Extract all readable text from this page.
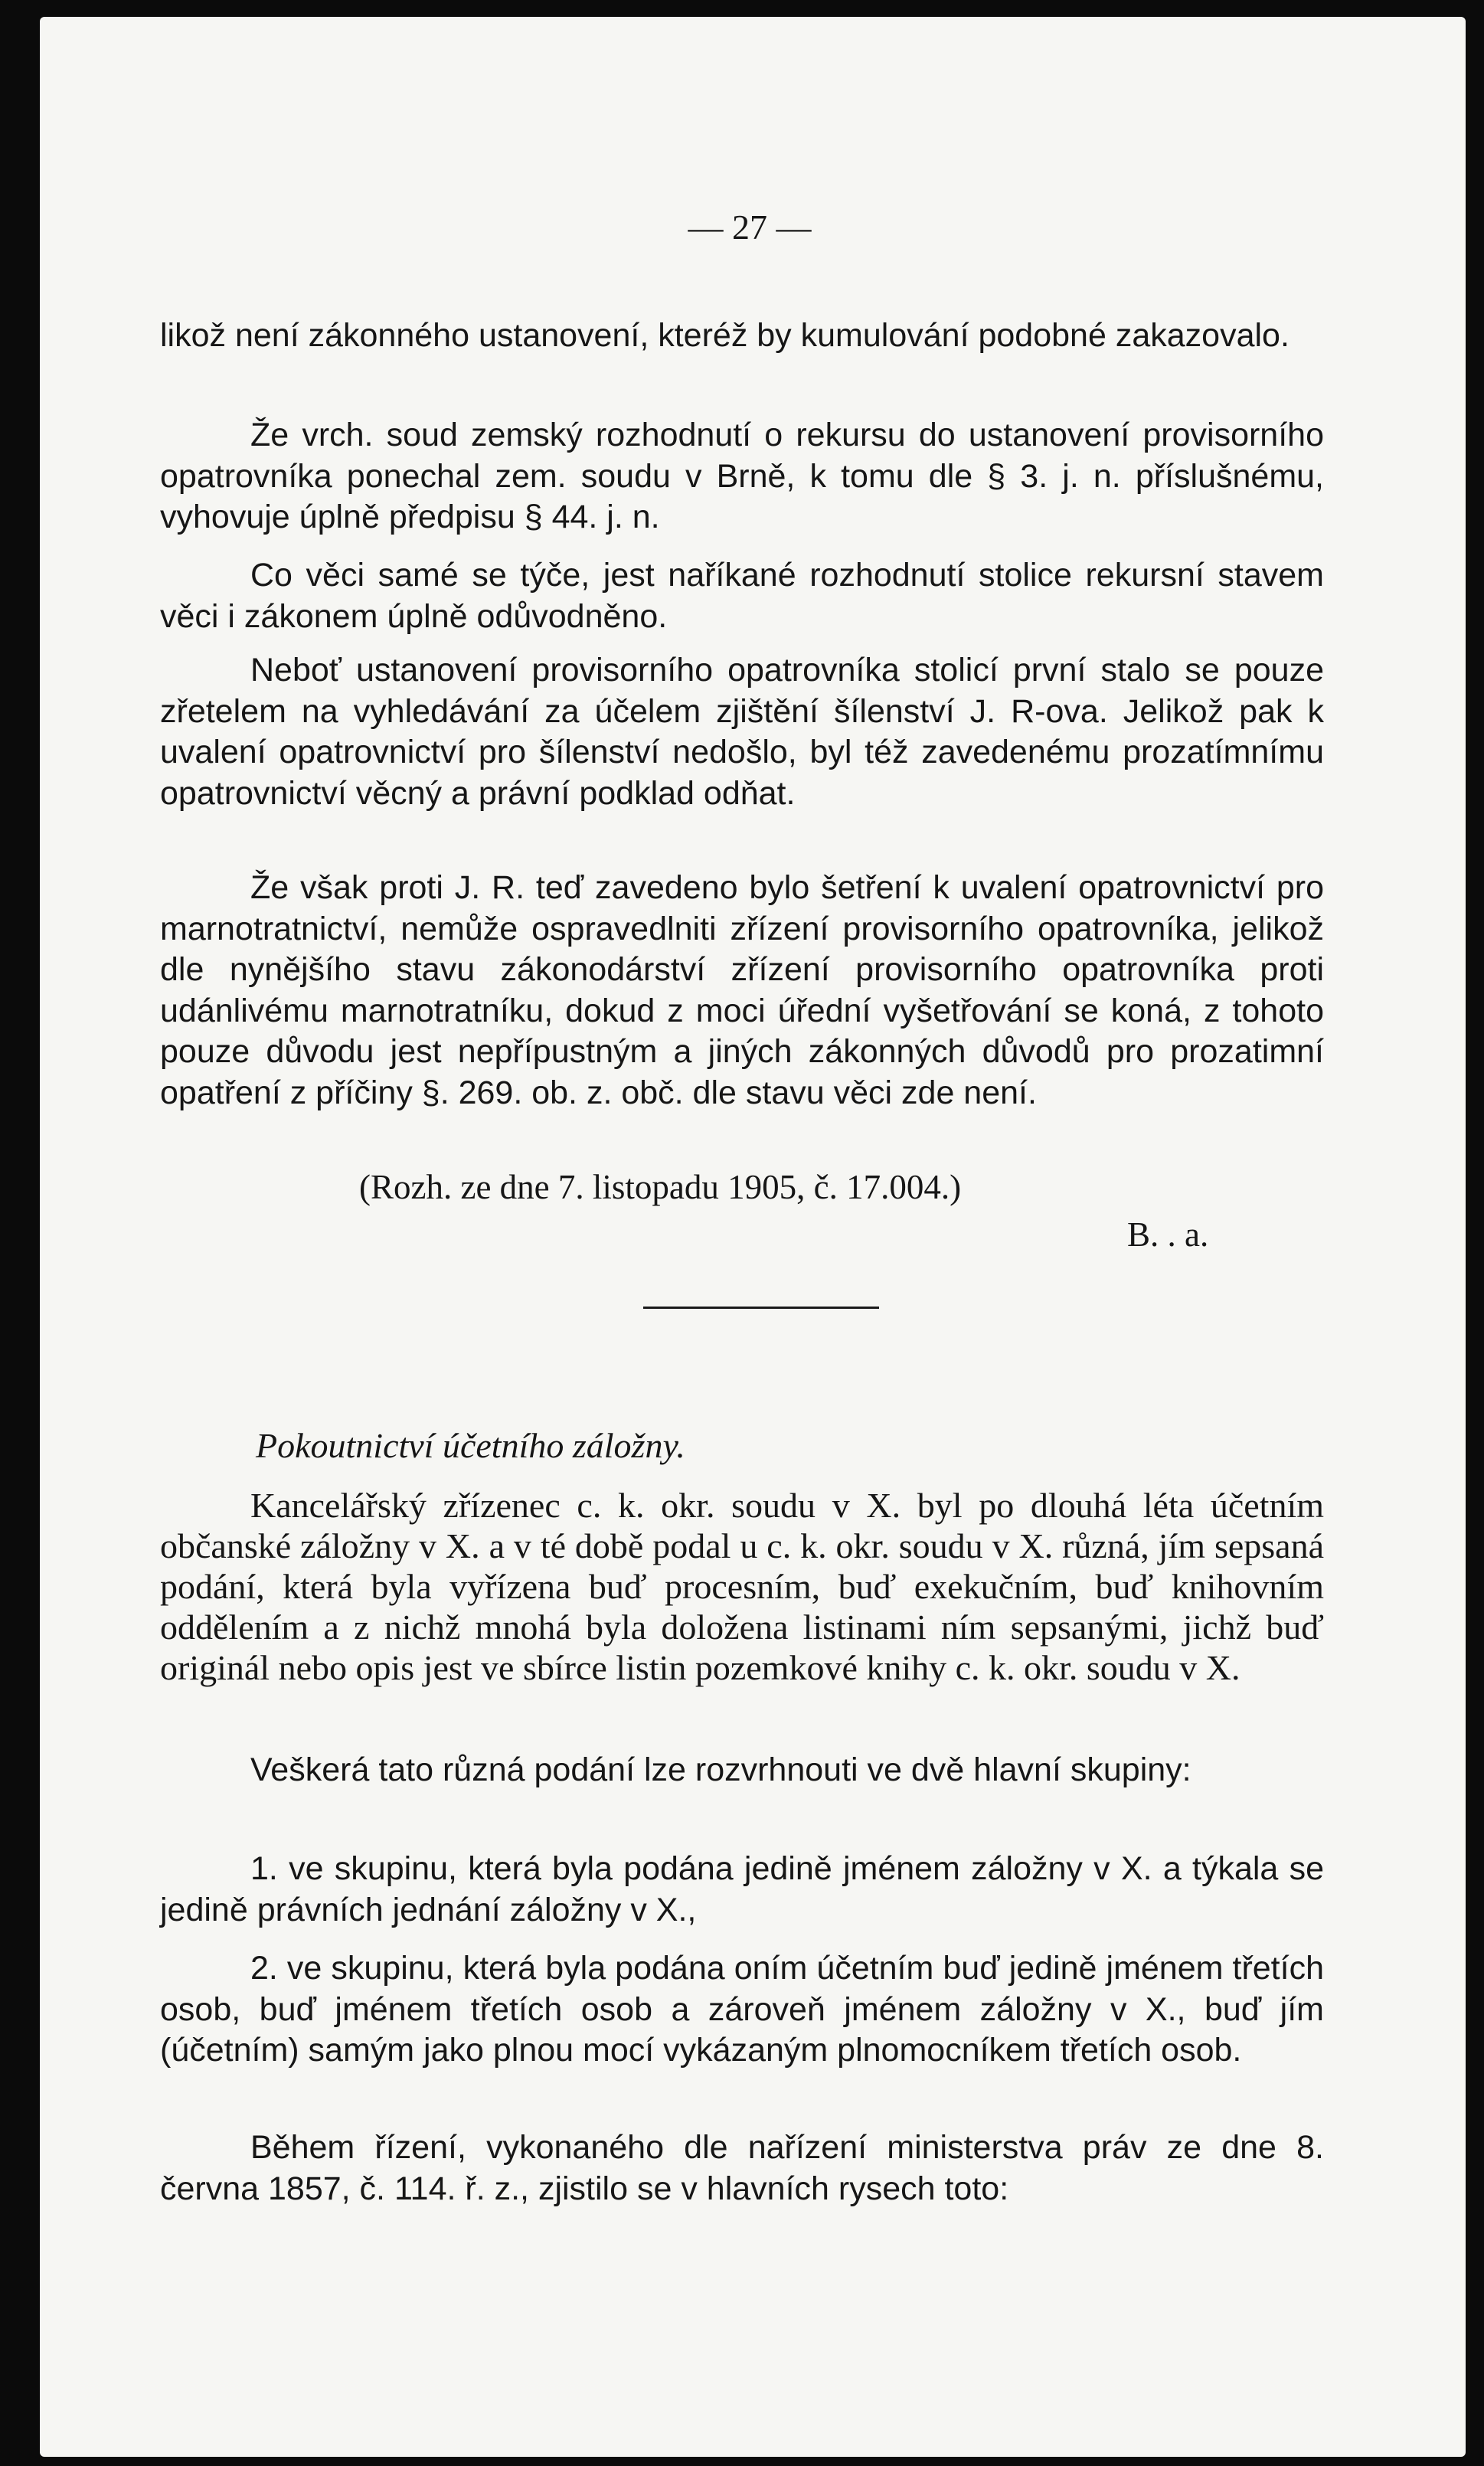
— 27 —

likož není zákonného ustanovení, kteréž by kumulování podobné zakazovalo.

Že vrch. soud zemský rozhodnutí o rekursu do ustanovení provisorního opatrovníka ponechal zem. soudu v Brně, k tomu dle § 3. j. n. příslušnému, vyhovuje úplně předpisu § 44. j. n.

Co věci samé se týče, jest naříkané rozhodnutí stolice rekursní stavem věci i zákonem úplně odůvodněno.

Neboť ustanovení provisorního opatrovníka stolicí první stalo se pouze zřetelem na vyhledávání za účelem zjištění šílenství J. R-ova. Jelikož pak k uvalení opatrovnictví pro šílenství nedošlo, byl též zavedenému prozatímnímu opatrovnictví věcný a právní podklad odňat.

Že však proti J. R. teď zavedeno bylo šetření k uvalení opatrovnictví pro marnotratnictví, nemůže ospravedlniti zřízení provisorního opatrovníka, jelikož dle nynějšího stavu zákonodárství zřízení provisorního opatrovníka proti udánlivému marnotratníku, dokud z moci úřední vyšetřování se koná, z tohoto pouze důvodu jest nepřípustným a jiných zákonných důvodů pro prozatimní opatření z příčiny §. 269. ob. z. obč. dle stavu věci zde není.

(Rozh. ze dne 7. listopadu 1905, č. 17.004.)
B. . a.
Pokoutnictví účetního záložny.

Kancelářský zřízenec c. k. okr. soudu v X. byl po dlouhá léta účetním občanské záložny v X. a v té době podal u c. k. okr. soudu v X. různá, jím sepsaná podání, která byla vyřízena buď procesním, buď exekučním, buď knihovním oddělením a z nichž mnohá byla doložena listinami ním sepsanými, jichž buď originál nebo opis jest ve sbírce listin pozemkové knihy c. k. okr. soudu v X.

Veškerá tato různá podání lze rozvrhnouti ve dvě hlavní skupiny:

1. ve skupinu, která byla podána jedině jménem záložny v X. a týkala se jedině právních jednání záložny v X.,

2. ve skupinu, která byla podána oním účetním buď jedině jménem třetích osob, buď jménem třetích osob a zároveň jménem záložny v X., buď jím (účetním) samým jako plnou mocí vykázaným plnomocníkem třetích osob.

Během řízení, vykonaného dle nařízení ministerstva práv ze dne 8. června 1857, č. 114. ř. z., zjistilo se v hlavních rysech toto:
